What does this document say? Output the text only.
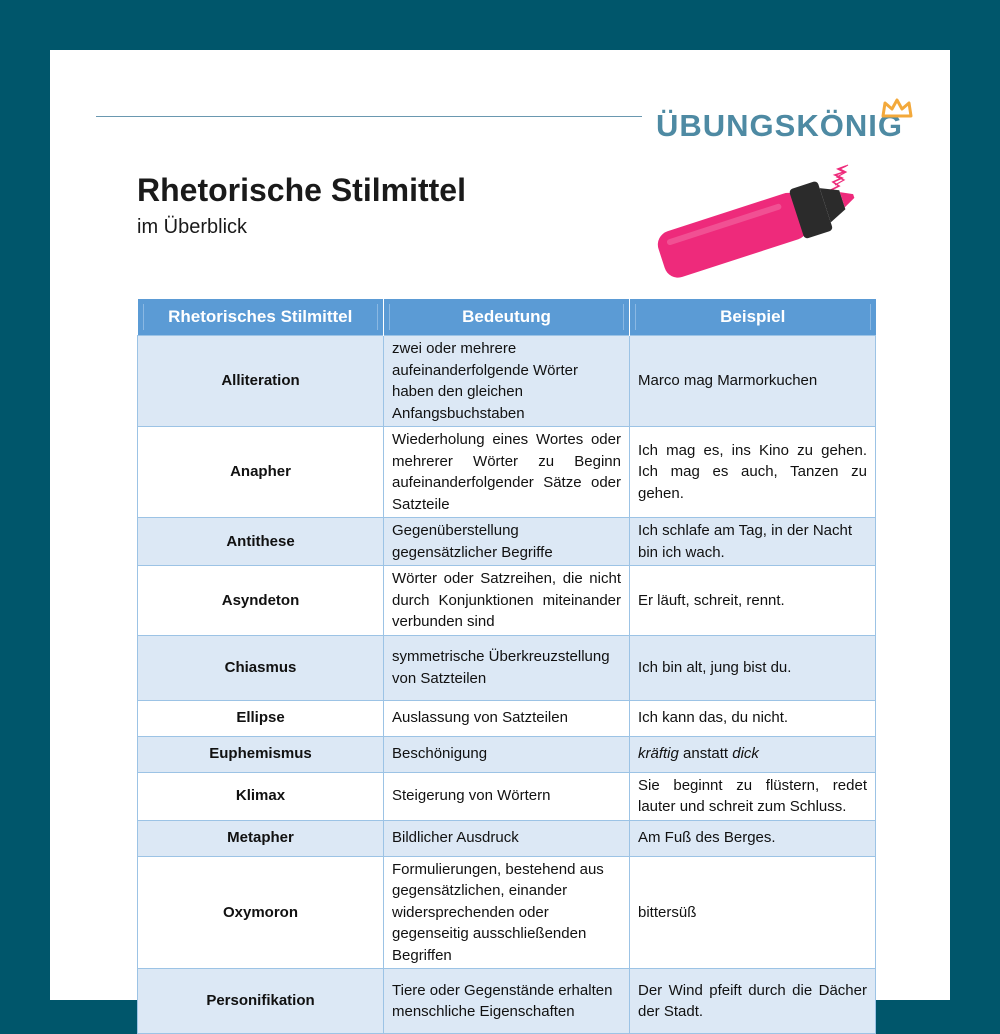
ÜBUNGSKÖNIG
Rhetorische Stilmittel
im Überblick
Rhetorisches Stilmittel	Bedeutung	Beispiel

Alliteration	zwei oder mehrere aufeinanderfolgende Wörter haben den gleichen Anfangsbuchstaben	Marco mag Marmorkuchen
Anapher	Wiederholung eines Wortes oder mehrerer Wörter zu Beginn aufeinanderfolgender Sätze oder Satzteile	Ich mag es, ins Kino zu gehen. Ich mag es auch, Tanzen zu gehen.
Antithese	Gegenüberstellung gegensätzlicher Begriffe	Ich schlafe am Tag, in der Nacht bin ich wach.
Asyndeton	Wörter oder Satzreihen, die nicht durch Konjunktionen miteinander verbunden sind	Er läuft, schreit, rennt.
Chiasmus	symmetrische Überkreuzstellung von Satzteilen	Ich bin alt, jung bist du.
Ellipse	Auslassung von Satzteilen	Ich kann das, du nicht.
Euphemismus	Beschönigung	kräftig anstatt dick
Klimax	Steigerung von Wörtern	Sie beginnt zu flüstern, redet lauter und schreit zum Schluss.
Metapher	Bildlicher Ausdruck	Am Fuß des Berges.
Oxymoron	Formulierungen, bestehend aus gegensätzlichen, einander widersprechenden oder gegenseitig ausschließenden Begriffen	bittersüß
Personifikation	Tiere oder Gegenstände erhalten menschliche Eigenschaften	Der Wind pfeift durch die Dächer der Stadt.
